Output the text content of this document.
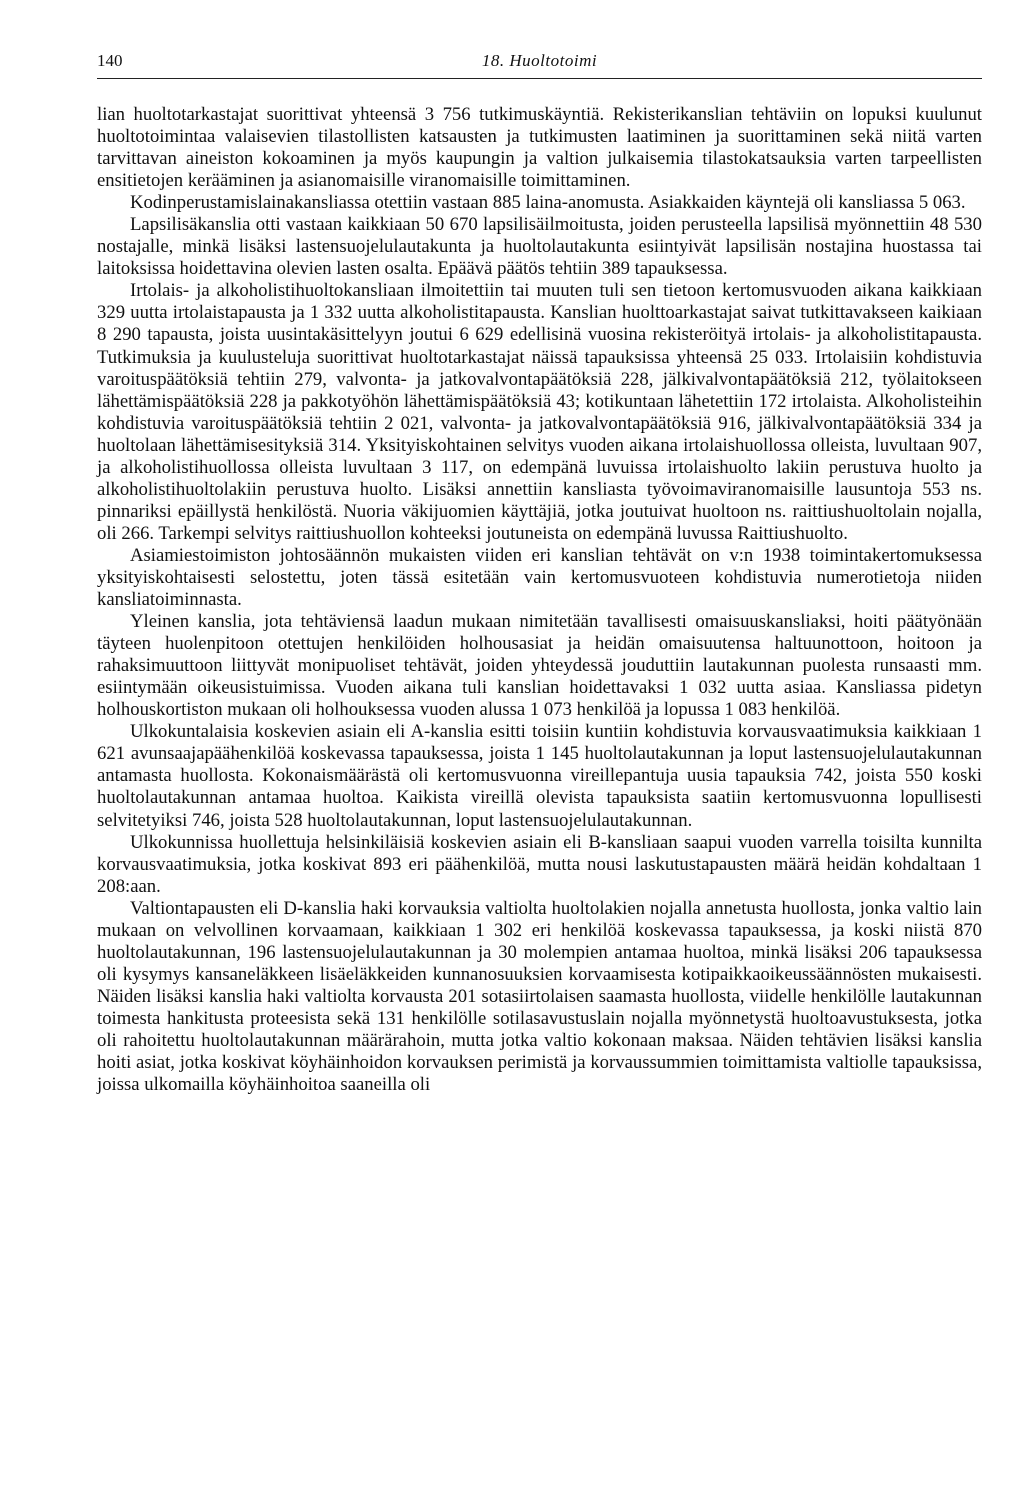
140	18. Huoltotoimi

lian huoltotarkastajat suorittivat yhteensä 3 756 tutkimuskäyntiä. Rekisterikanslian tehtäviin on lopuksi kuulunut huoltotoimintaa valaisevien tilastollisten katsausten ja tutkimusten laatiminen ja suorittaminen sekä niitä varten tarvittavan aineiston kokoaminen ja myös kaupungin ja valtion julkaisemia tilastokatsauksia varten tarpeellisten ensitietojen kerääminen ja asianomaisille viranomaisille toimittaminen.

Kodinperustamislainakansliassa otettiin vastaan 885 laina-anomusta. Asiakkaiden käyntejä oli kansliassa 5 063.

Lapsilisäkanslia otti vastaan kaikkiaan 50 670 lapsilisäilmoitusta, joiden perusteella lapsilisä myönnettiin 48 530 nostajalle, minkä lisäksi lastensuojelulautakunta ja huoltolautakunta esiintyivät lapsilisän nostajina huostassa tai laitoksissa hoidettavina olevien lasten osalta. Epäävä päätös tehtiin 389 tapauksessa.

Irtolais- ja alkoholistihuoltokansliaan ilmoitettiin tai muuten tuli sen tietoon kertomusvuoden aikana kaikkiaan 329 uutta irtolaistapausta ja 1 332 uutta alkoholistitapausta. Kanslian huolttoarkastajat saivat tutkittavakseen kaikiaan 8 290 tapausta, joista uusintakäsittelyyn joutui 6 629 edellisinä vuosina rekisteröityä irtolais- ja alkoholistitapausta. Tutkimuksia ja kuulusteluja suorittivat huoltotarkastajat näissä tapauksissa yhteensä 25 033. Irtolaisiin kohdistuvia varoituspäätöksiä tehtiin 279, valvonta- ja jatkovalvontapäätöksiä 228, jälkivalvontapäätöksiä 212, työlaitokseen lähettämispäätöksiä 228 ja pakkotyöhön lähettämispäätöksiä 43; kotikuntaan lähetettiin 172 irtolaista. Alkoholisteihin kohdistuvia varoituspäätöksiä tehtiin 2 021, valvonta- ja jatkovalvontapäätöksiä 916, jälkivalvontapäätöksiä 334 ja huoltolaan lähettämisesityksiä 314. Yksityiskohtainen selvitys vuoden aikana irtolaishuollossa olleista, luvultaan 907, ja alkoholistihuollossa olleista luvultaan 3 117, on edempänä luvuissa irtolaishuolto lakiin perustuva huolto ja alkoholistihuoltolakiin perustuva huolto. Lisäksi annettiin kansliasta työvoimaviranomaisille lausuntoja 553 ns. pinnariksi epäillystä henkilöstä. Nuoria väkijuomien käyttäjiä, jotka joutuivat huoltoon ns. raittiushuoltolain nojalla, oli 266. Tarkempi selvitys raittiushuollon kohteeksi joutuneista on edempänä luvussa Raittiushuolto.

Asiamiestoimiston johtosäännön mukaisten viiden eri kanslian tehtävät on v:n 1938 toimintakertomuksessa yksityiskohtaisesti selostettu, joten tässä esitetään vain kertomusvuoteen kohdistuvia numerotietoja niiden kansliatoiminnasta.

Yleinen kanslia, jota tehtäviensä laadun mukaan nimitetään tavallisesti omaisuuskansliaksi, hoiti päätyönään täyteen huolenpitoon otettujen henkilöiden holhousasiat ja heidän omaisuutensa haltuunottoon, hoitoon ja rahaksimuuttoon liittyvät monipuoliset tehtävät, joiden yhteydessä jouduttiin lautakunnan puolesta runsaasti mm. esiintymään oikeusistuimissa. Vuoden aikana tuli kanslian hoidettavaksi 1 032 uutta asiaa. Kansliassa pidetyn holhouskortiston mukaan oli holhouksessa vuoden alussa 1 073 henkilöä ja lopussa 1 083 henkilöä.

Ulkokuntalaisia koskevien asiain eli A-kanslia esitti toisiin kuntiin kohdistuvia korvausvaatimuksia kaikkiaan 1 621 avunsaajapäähenkilöä koskevassa tapauksessa, joista 1 145 huoltolautakunnan ja loput lastensuojelulautakunnan antamasta huollosta. Kokonaismäärästä oli kertomusvuonna vireillepantuja uusia tapauksia 742, joista 550 koski huoltolautakunnan antamaa huoltoa. Kaikista vireillä olevista tapauksista saatiin kertomusvuonna lopullisesti selvitetyiksi 746, joista 528 huoltolautakunnan, loput lastensuojelulautakunnan.

Ulkokunnissa huollettuja helsinkiläisiä koskevien asiain eli B-kansliaan saapui vuoden varrella toisilta kunnilta korvausvaatimuksia, jotka koskivat 893 eri päähenkilöä, mutta nousi laskutustapausten määrä heidän kohdaltaan 1 208:aan.

Valtiontapausten eli D-kanslia haki korvauksia valtiolta huoltolakien nojalla annetusta huollosta, jonka valtio lain mukaan on velvollinen korvaamaan, kaikkiaan 1 302 eri henkilöä koskevassa tapauksessa, ja koski niistä 870 huoltolautakunnan, 196 lastensuojelulautakunnan ja 30 molempien antamaa huoltoa, minkä lisäksi 206 tapauksessa oli kysymys kansaneläkkeen lisäeläkkeiden kunnanosuuksien korvaamisesta kotipaikkaoikeussäännösten mukaisesti. Näiden lisäksi kanslia haki valtiolta korvausta 201 sotasiirtolaisen saamasta huollosta, viidelle henkilölle lautakunnan toimesta hankitusta proteesista sekä 131 henkilölle sotilasavustuslain nojalla myönnetystä huoltoavustuksesta, jotka oli rahoitettu huoltolautakunnan määrärahoin, mutta jotka valtio kokonaan maksaa. Näiden tehtävien lisäksi kanslia hoiti asiat, jotka koskivat köyhäinhoidon korvauksen perimistä ja korvaussummien toimittamista valtiolle tapauksissa, joissa ulkomailla köyhäinhoitoa saaneilla oli
